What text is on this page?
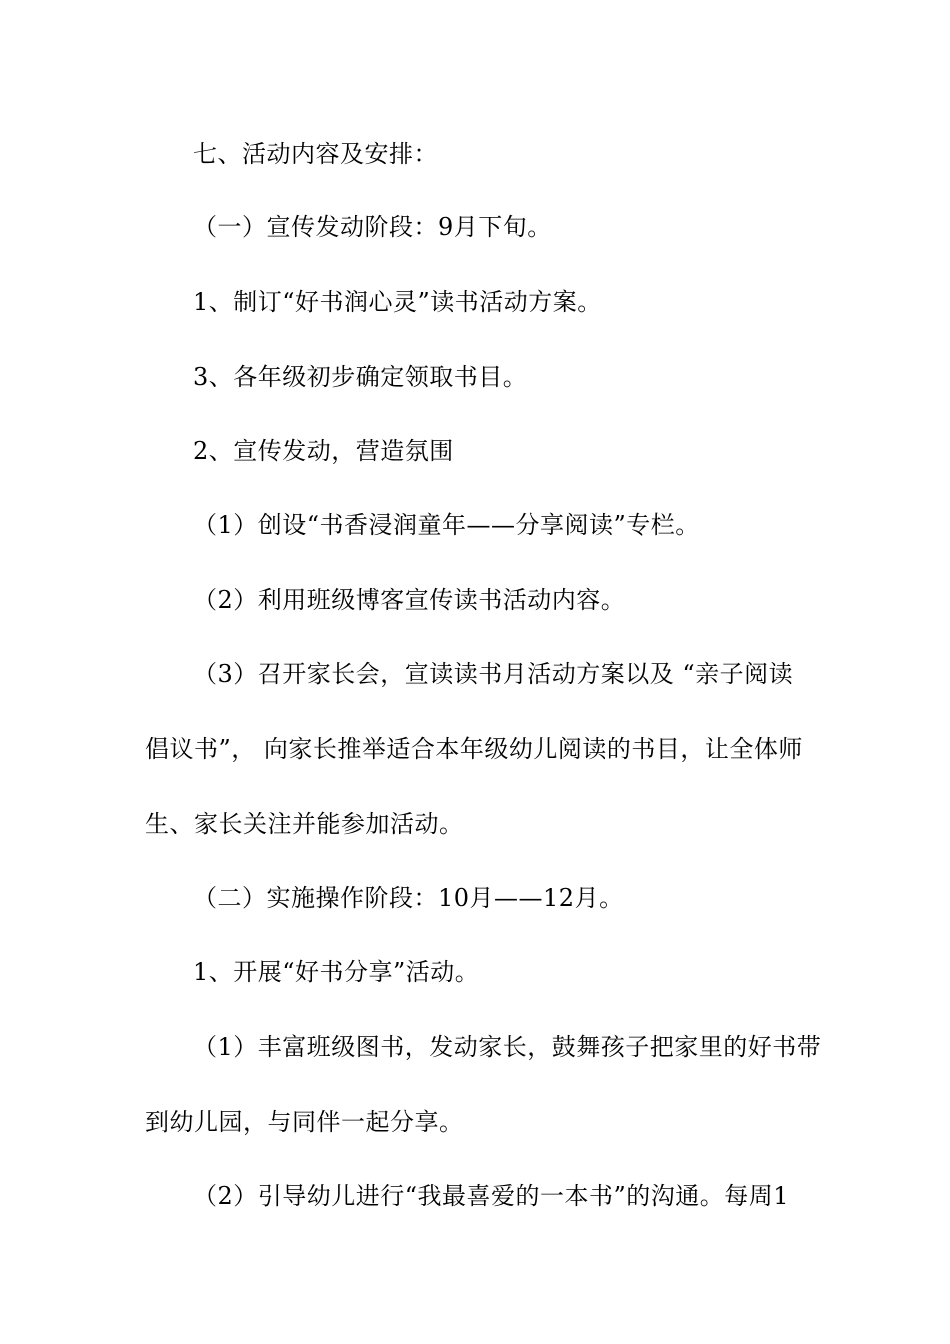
七、活动内容及安排：
（一）宣传发动阶段：9月下旬。
1、制订“好书润心灵”读书活动方案。
3、各年级初步确定领取书目。
2、宣传发动，营造氛围
（1）创设“书香浸润童年——分享阅读”专栏。
（2）利用班级博客宣传读书活动内容。
（3）召开家长会，宣读读书月活动方案以及 “亲子阅读
倡议书”， 向家长推举适合本年级幼儿阅读的书目，让全体师
生、家长关注并能参加活动。
（二）实施操作阶段：10月——12月。
1、开展“好书分享”活动。
（1）丰富班级图书，发动家长，鼓舞孩子把家里的好书带
到幼儿园，与同伴一起分享。
（2）引导幼儿进行“我最喜爱的一本书”的沟通。每周1
